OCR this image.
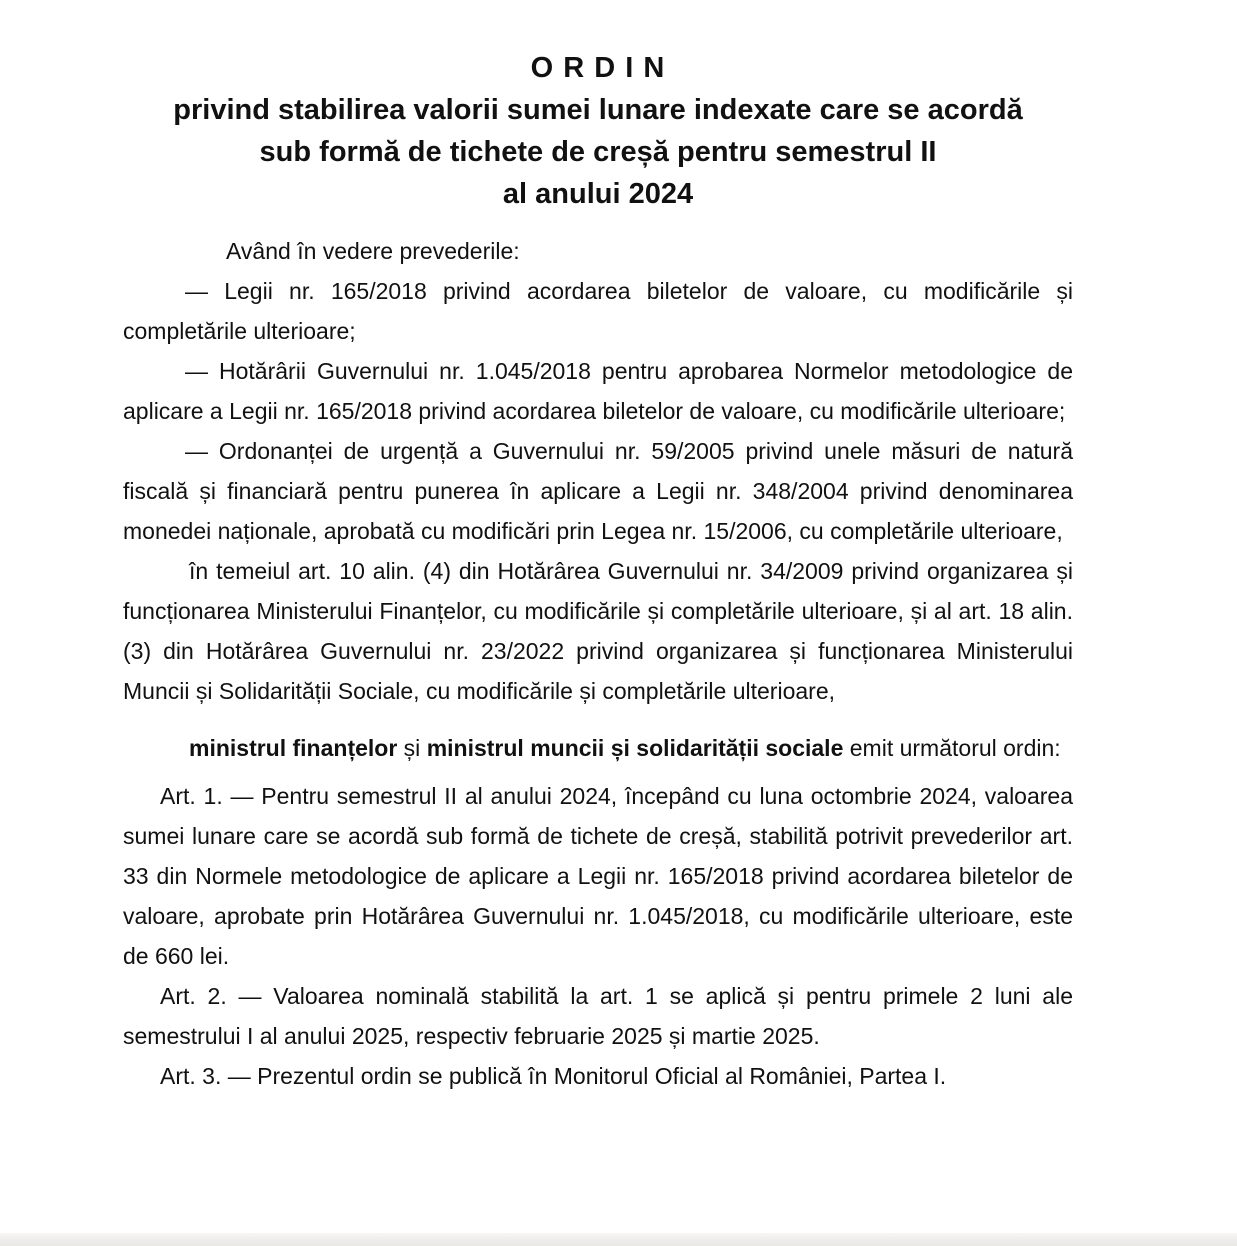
O R D I N
privind stabilirea valorii sumei lunare indexate care se acordă
sub formă de tichete de creșă pentru semestrul II
al anului 2024

Având în vedere prevederile:

— Legii nr. 165/2018 privind acordarea biletelor de valoare, cu modificările și completările ulterioare;

— Hotărârii Guvernului nr. 1.045/2018 pentru aprobarea Normelor metodologice de aplicare a Legii nr. 165/2018 privind acordarea biletelor de valoare, cu modificările ulterioare;

— Ordonanței de urgență a Guvernului nr. 59/2005 privind unele măsuri de natură fiscală și financiară pentru punerea în aplicare a Legii nr. 348/2004 privind denominarea monedei naționale, aprobată cu modificări prin Legea nr. 15/2006, cu completările ulterioare,

în temeiul art. 10 alin. (4) din Hotărârea Guvernului nr. 34/2009 privind organizarea și funcționarea Ministerului Finanțelor, cu modificările și completările ulterioare, și al art. 18 alin. (3) din Hotărârea Guvernului nr. 23/2022 privind organizarea și funcționarea Ministerului Muncii și Solidarității Sociale, cu modificările și completările ulterioare,

ministrul finanțelor și ministrul muncii și solidarității sociale emit următorul ordin:

Art. 1. — Pentru semestrul II al anului 2024, începând cu luna octombrie 2024, valoarea sumei lunare care se acordă sub formă de tichete de creșă, stabilită potrivit prevederilor art. 33 din Normele metodologice de aplicare a Legii nr. 165/2018 privind acordarea biletelor de valoare, aprobate prin Hotărârea Guvernului nr. 1.045/2018, cu modificările ulterioare, este de 660 lei.

Art. 2. — Valoarea nominală stabilită la art. 1 se aplică și pentru primele 2 luni ale semestrului I al anului 2025, respectiv februarie 2025 și martie 2025.

Art. 3. — Prezentul ordin se publică în Monitorul Oficial al României, Partea I.
